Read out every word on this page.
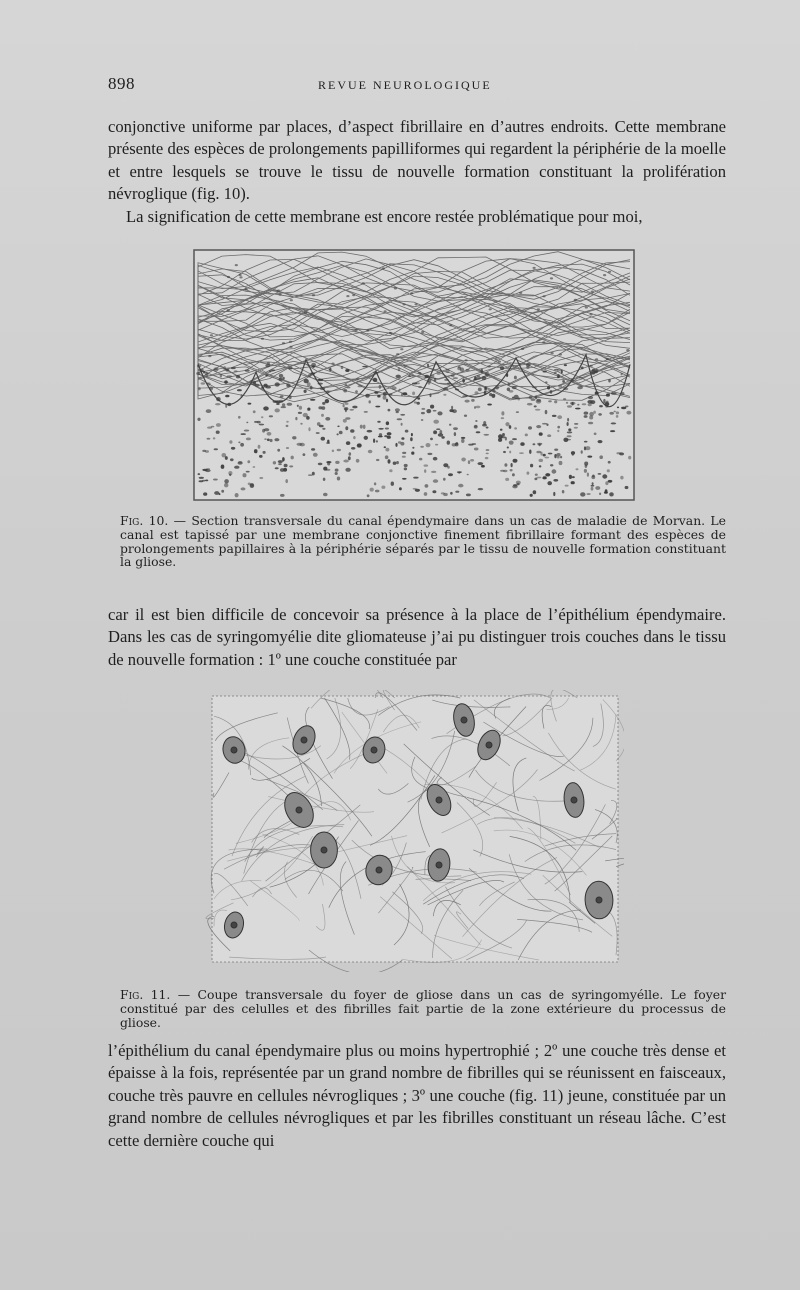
898	REVUE NEUROLOGIQUE

conjonctive uniforme par places, d’aspect fibrillaire en d’autres endroits. Cette membrane présente des espèces de prolongements papilliformes qui regardent la périphérie de la moelle et entre lesquels se trouve le tissu de nouvelle formation constituant la prolifération névroglique (fig. 10).

La signification de cette membrane est encore restée problématique pour moi,

Fig. 10. — Section transversale du canal épendymaire dans un cas de maladie de Morvan. Le canal est tapissé par une membrane conjonctive finement fibrillaire formant des espèces de prolongements papillaires à la périphérie séparés par le tissu de nouvelle formation constituant la gliose.

car il est bien difficile de concevoir sa présence à la place de l’épithélium épendymaire. Dans les cas de syringomyélie dite gliomateuse j’ai pu distinguer trois couches dans le tissu de nouvelle formation : 1º une couche constituée par

Fig. 11. — Coupe transversale du foyer de gliose dans un cas de syringomyélle. Le foyer constitué par des celulles et des fibrilles fait partie de la zone extérieure du processus de gliose.

l’épithélium du canal épendymaire plus ou moins hypertrophié ; 2º une couche très dense et épaisse à la fois, représentée par un grand nombre de fibrilles qui se réunissent en faisceaux, couche très pauvre en cellules névrogliques ; 3º une couche (fig. 11) jeune, constituée par un grand nombre de cellules névrogliques et par les fibrilles constituant un réseau lâche. C’est cette dernière couche qui
